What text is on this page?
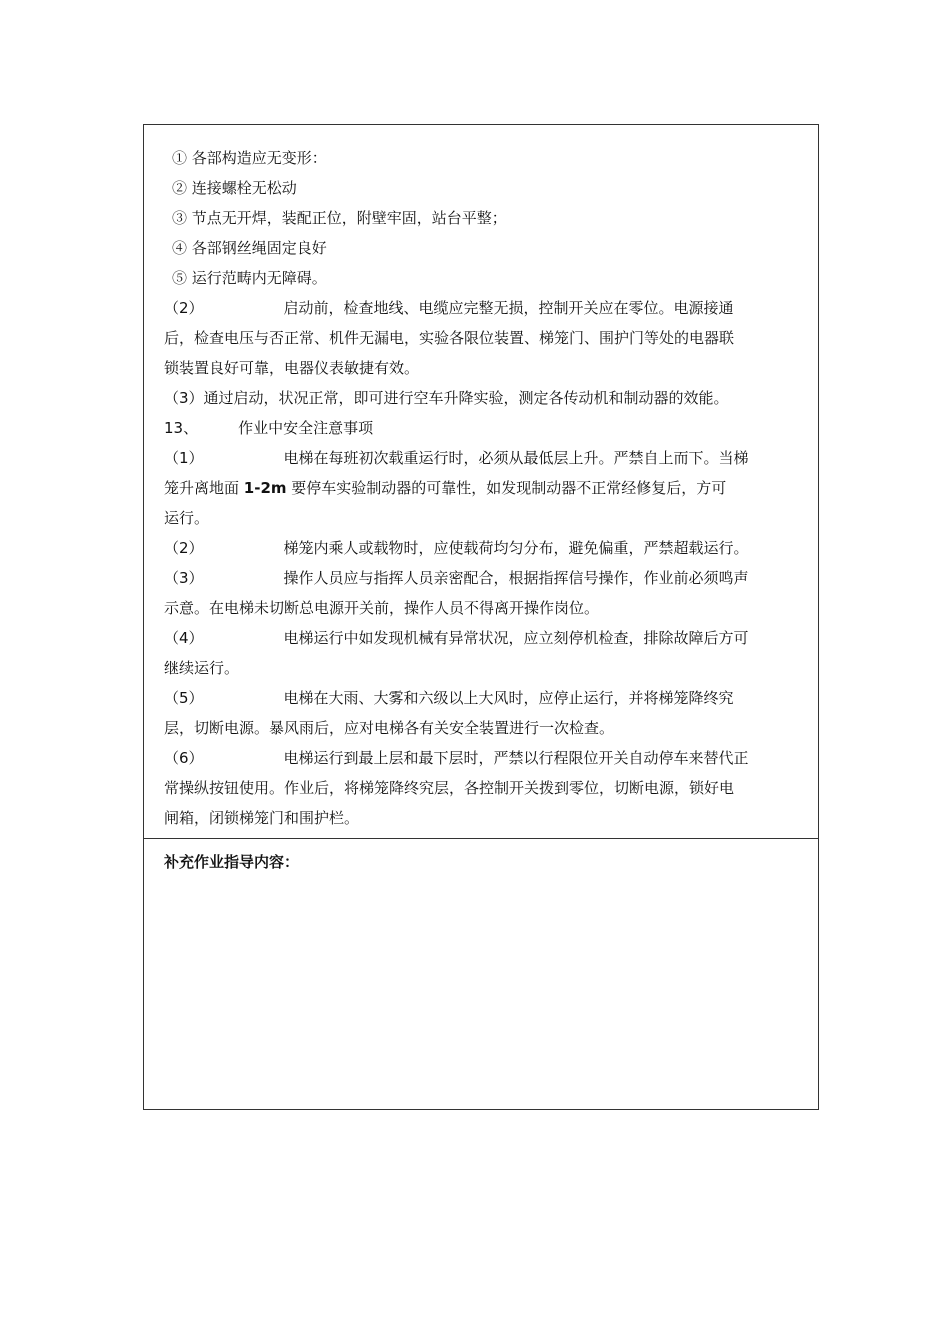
① 各部构造应无变形：
② 连接螺栓无松动
③ 节点无开焊，装配正位，附壁牢固，站台平整；
④ 各部钢丝绳固定良好
⑤ 运行范畴内无障碍。
（2）	启动前，检查地线、电缆应完整无损，控制开关应在零位。电源接通
后，检查电压与否正常、机件无漏电，实验各限位装置、梯笼门、围护门等处的电器联
锁装置良好可靠，电器仪表敏捷有效。
（3）通过启动，状况正常，即可进行空车升降实验，测定各传动机和制动器的效能。
13、	作业中安全注意事项
（1）	电梯在每班初次载重运行时，必须从最低层上升。严禁自上而下。当梯
笼升离地面 1-2m 要停车实验制动器的可靠性，如发现制动器不正常经修复后，方可
运行。
（2）	梯笼内乘人或载物时，应使载荷均匀分布，避免偏重，严禁超载运行。
（3）	操作人员应与指挥人员亲密配合，根据指挥信号操作，作业前必须鸣声
示意。在电梯未切断总电源开关前，操作人员不得离开操作岗位。
（4）	电梯运行中如发现机械有异常状况，应立刻停机检查，排除故障后方可
继续运行。
（5）	电梯在大雨、大雾和六级以上大风时，应停止运行，并将梯笼降终究
层，切断电源。暴风雨后，应对电梯各有关安全装置进行一次检查。
（6）	电梯运行到最上层和最下层时，严禁以行程限位开关自动停车来替代正
常操纵按钮使用。作业后，将梯笼降终究层，各控制开关拨到零位，切断电源，锁好电
闸箱，闭锁梯笼门和围护栏。
补充作业指导内容：
